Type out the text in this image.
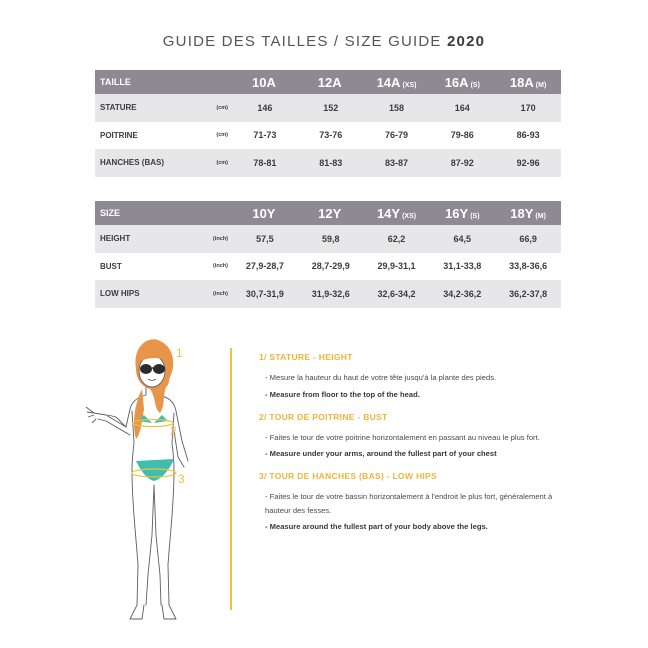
GUIDE DES TAILLES / SIZE GUIDE 2020
TAILLE		10A	12A	14A (XS)	16A (S)	18A (M)
STATURE	(cm)	146	152	158	164	170
POITRINE	(cm)	71-73	73-76	76-79	79-86	86-93
HANCHES (BAS)	(cm)	78-81	81-83	83-87	87-92	92-96
SIZE		10Y	12Y	14Y (XS)	16Y (S)	18Y (M)
HEIGHT	(inch)	57,5	59,8	62,2	64,5	66,9
BUST	(inch)	27,9-28,7	28,7-29,9	29,9-31,1	31,1-33,8	33,8-36,6
LOW HIPS	(inch)	30,7-31,9	31,9-32,6	32,6-34,2	34,2-36,2	36,2-37,8
1
2
3
1/ STATURE - HEIGHT
- Mesure la hauteur du haut de votre tête jusqu'à la plante des pieds.
- Measure from floor to the top of the head.
2/ TOUR DE POITRINE - BUST
- Faites le tour de votre poitrine horizontalement en passant au niveau le plus fort.
- Measure under your arms, around the fullest part of your chest
3/ TOUR DE HANCHES (BAS) - LOW HIPS
- Faites le tour de votre bassin horizontalement à l'endroit le plus fort, généralement à hauteur des fesses.
- Measure around the fullest part of your body above the legs.
